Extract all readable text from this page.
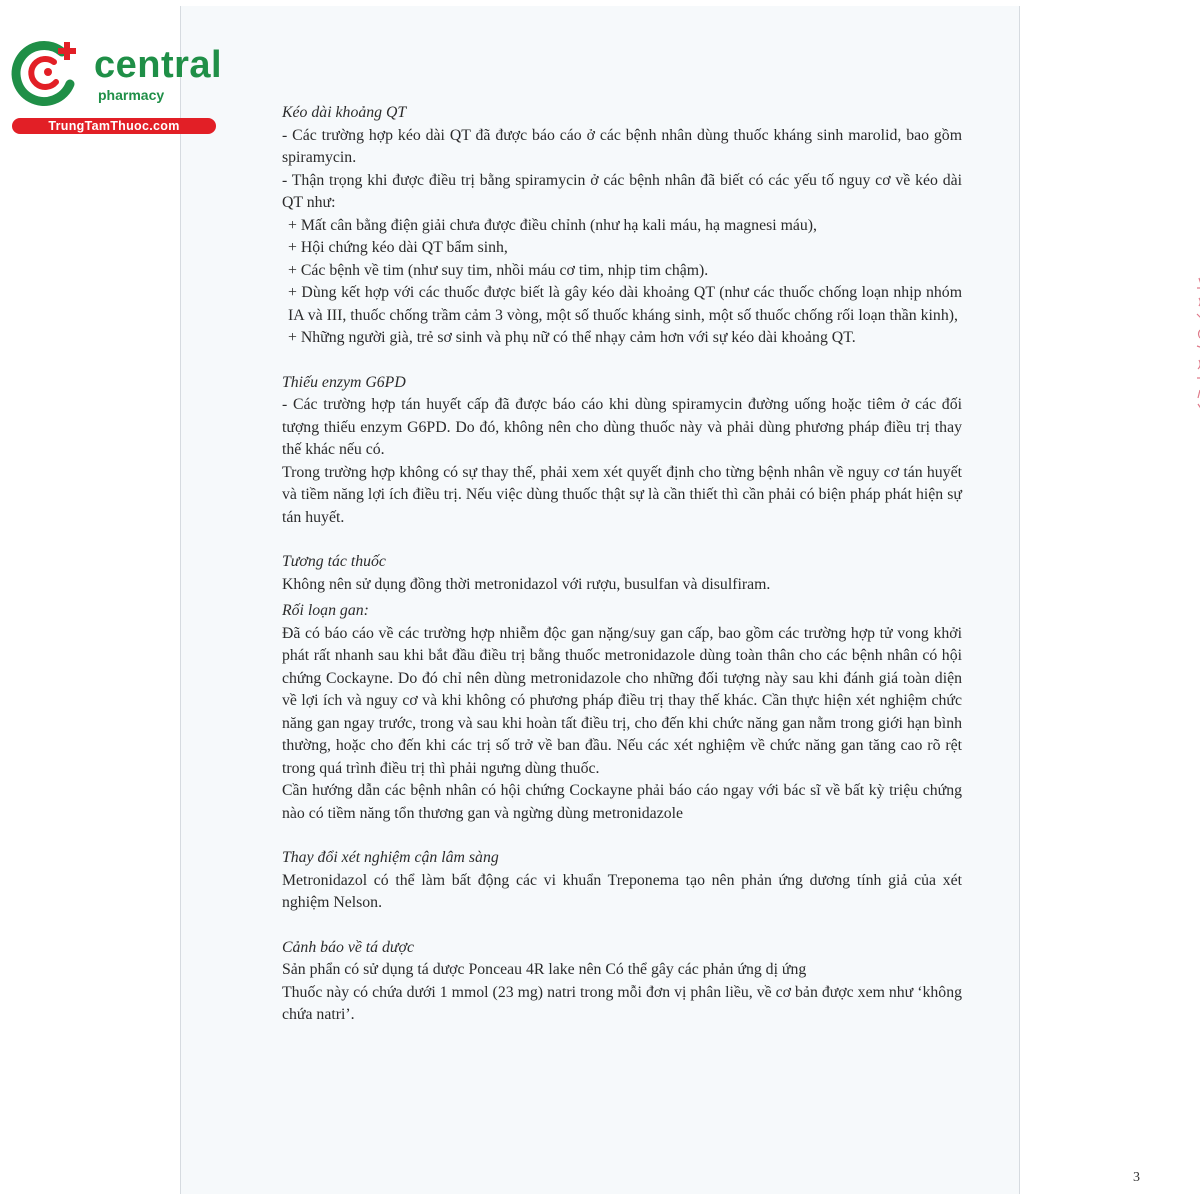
3
central
pharmacy
TrungTamThuoc.com
Kéo dài khoảng QT
- Các trường hợp kéo dài QT đã được báo cáo ở các bệnh nhân dùng thuốc kháng sinh marolid, bao gồm spiramycin.
- Thận trọng khi được điều trị bằng spiramycin ở các bệnh nhân đã biết có các yếu tố nguy cơ về kéo dài QT như:
+ Mất cân bằng điện giải chưa được điều chỉnh (như hạ kali máu, hạ magnesi máu),
+ Hội chứng kéo dài QT bẩm sinh,
+ Các bệnh về tim (như suy tim, nhồi máu cơ tim, nhịp tim chậm).
+ Dùng kết hợp với các thuốc được biết là gây kéo dài khoảng QT (như các thuốc chống loạn nhịp nhóm IA và III, thuốc chống trầm cảm 3 vòng, một số thuốc kháng sinh, một số thuốc chống rối loạn thần kinh),
+ Những người già, trẻ sơ sinh và phụ nữ có thể nhạy cảm hơn với sự kéo dài khoảng QT.
Thiếu enzym G6PD
- Các trường hợp tán huyết cấp đã được báo cáo khi dùng spiramycin đường uống hoặc tiêm ở các đối tượng thiếu enzym G6PD. Do đó, không nên cho dùng thuốc này và phải dùng phương pháp điều trị thay thế khác nếu có.
Trong trường hợp không có sự thay thế, phải xem xét quyết định cho từng bệnh nhân về nguy cơ tán huyết và tiềm năng lợi ích điều trị. Nếu việc dùng thuốc thật sự là cần thiết thì cần phải có biện pháp phát hiện sự tán huyết.
Tương tác thuốc
Không nên sử dụng đồng thời metronidazol với rượu, busulfan và disulfiram.
Rối loạn gan:
Đã có báo cáo về các trường hợp nhiễm độc gan nặng/suy gan cấp, bao gồm các trường hợp tử vong khởi phát rất nhanh sau khi bắt đầu điều trị bằng thuốc metronidazole dùng toàn thân cho các bệnh nhân có hội chứng Cockayne. Do đó chỉ nên dùng metronidazole cho những đối tượng này sau khi đánh giá toàn diện về lợi ích và nguy cơ và khi không có phương pháp điều trị thay thế khác. Cần thực hiện xét nghiệm chức năng gan ngay trước, trong và sau khi hoàn tất điều trị, cho đến khi chức năng gan nằm trong giới hạn bình thường, hoặc cho đến khi các trị số trở về ban đầu. Nếu các xét nghiệm về chức năng gan tăng cao rõ rệt trong quá trình điều trị thì phải ngưng dùng thuốc.
Cần hướng dẫn các bệnh nhân có hội chứng Cockayne phải báo cáo ngay với bác sĩ về bất kỳ triệu chứng nào có tiềm năng tổn thương gan và ngừng dùng metronidazole
Thay đổi xét nghiệm cận lâm sàng
Metronidazol có thể làm bất động các vi khuẩn Treponema tạo nên phản ứng dương tính giả của xét nghiệm Nelson.
Cảnh báo về tá dược
Sản phẩn có sử dụng tá dược Ponceau 4R lake nên Có thể gây các phản ứng dị ứng
Thuốc này có chứa dưới 1 mmol (23 mg) natri trong mỗi đơn vị phân liều, về cơ bản được xem như ‘không chứa natri’.
